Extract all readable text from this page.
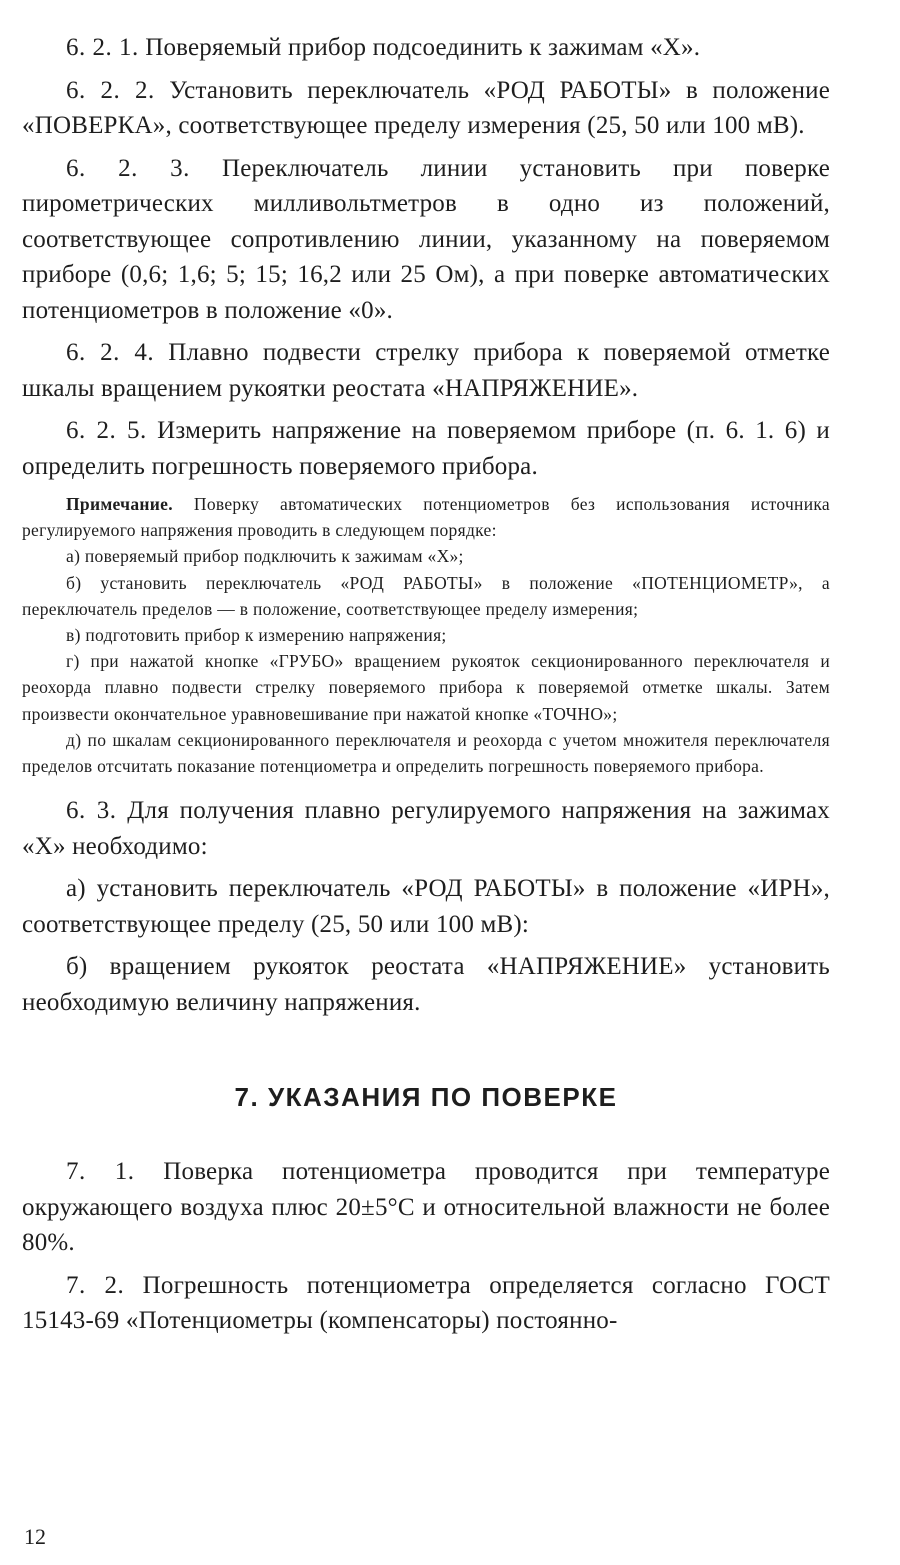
6. 2. 1. Поверяемый прибор подсоединить к зажимам «Х».

6. 2. 2. Установить переключатель «РОД РАБОТЫ» в положение «ПОВЕРКА», соответствующее пределу измерения (25, 50 или 100 мВ).

6. 2. 3. Переключатель линии установить при поверке пирометрических милливольтметров в одно из положений, соответствующее сопротивлению линии, указанному на поверяемом приборе (0,6; 1,6; 5; 15; 16,2 или 25 Ом), а при поверке автоматических потенциометров в положение «0».

6. 2. 4. Плавно подвести стрелку прибора к поверяемой отметке шкалы вращением рукоятки реостата «НАПРЯЖЕНИЕ».

6. 2. 5. Измерить напряжение на поверяемом приборе (п. 6. 1. 6) и определить погрешность поверяемого прибора.

Примечание. Поверку автоматических потенциометров без использования источника регулируемого напряжения проводить в следующем порядке:

а) поверяемый прибор подключить к зажимам «Х»;

б) установить переключатель «РОД РАБОТЫ» в положение «ПОТЕНЦИОМЕТР», а переключатель пределов — в положение, соответствующее пределу измерения;

в) подготовить прибор к измерению напряжения;

г) при нажатой кнопке «ГРУБО» вращением рукояток секционированного переключателя и реохорда плавно подвести стрелку поверяемого прибора к поверяемой отметке шкалы. Затем произвести окончательное уравновешивание при нажатой кнопке «ТОЧНО»;

д) по шкалам секционированного переключателя и реохорда с учетом множителя переключателя пределов отсчитать показание потенциометра и определить погрешность поверяемого прибора.

6. 3. Для получения плавно регулируемого напряжения на зажимах «Х» необходимо:

а) установить переключатель «РОД РАБОТЫ» в положение «ИРН», соответствующее пределу (25, 50 или 100 мВ):

б) вращением рукояток реостата «НАПРЯЖЕНИЕ» установить необходимую величину напряжения.

7. УКАЗАНИЯ ПО ПОВЕРКЕ

7. 1. Поверка потенциометра проводится при температуре окружающего воздуха плюс 20±5°С и относительной влажности не более 80%.

7. 2. Погрешность потенциометра определяется согласно ГОСТ 15143-69 «Потенциометры (компенсаторы) постоянно-

12
